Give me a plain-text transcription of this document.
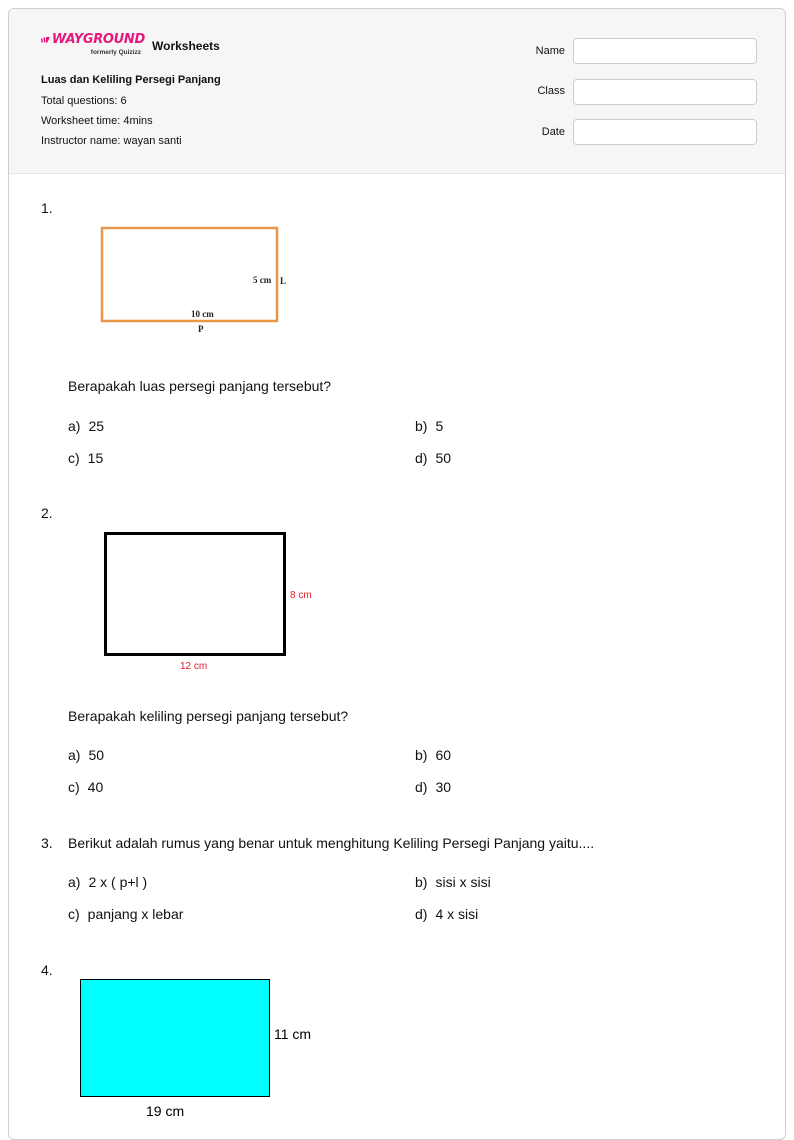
WAYGROUND
formerly Quizizz Worksheets
Luas dan Keliling Persegi Panjang
Total questions: 6
Worksheet time: 4mins
Instructor name: wayan santi
Name
Class
Date
1.
5 cm L
10 cm
P
Berapakah luas persegi panjang tersebut?
a) 25	b) 5
c) 15	d) 50
2.
8 cm
12 cm
Berapakah keliling persegi panjang tersebut?
a) 50	b) 60
c) 40	d) 30
3. Berikut adalah rumus yang benar untuk menghitung Keliling Persegi Panjang yaitu....
a) 2 x ( p+l )	b) sisi x sisi
c) panjang x lebar	d) 4 x sisi
4.
11 cm
19 cm
